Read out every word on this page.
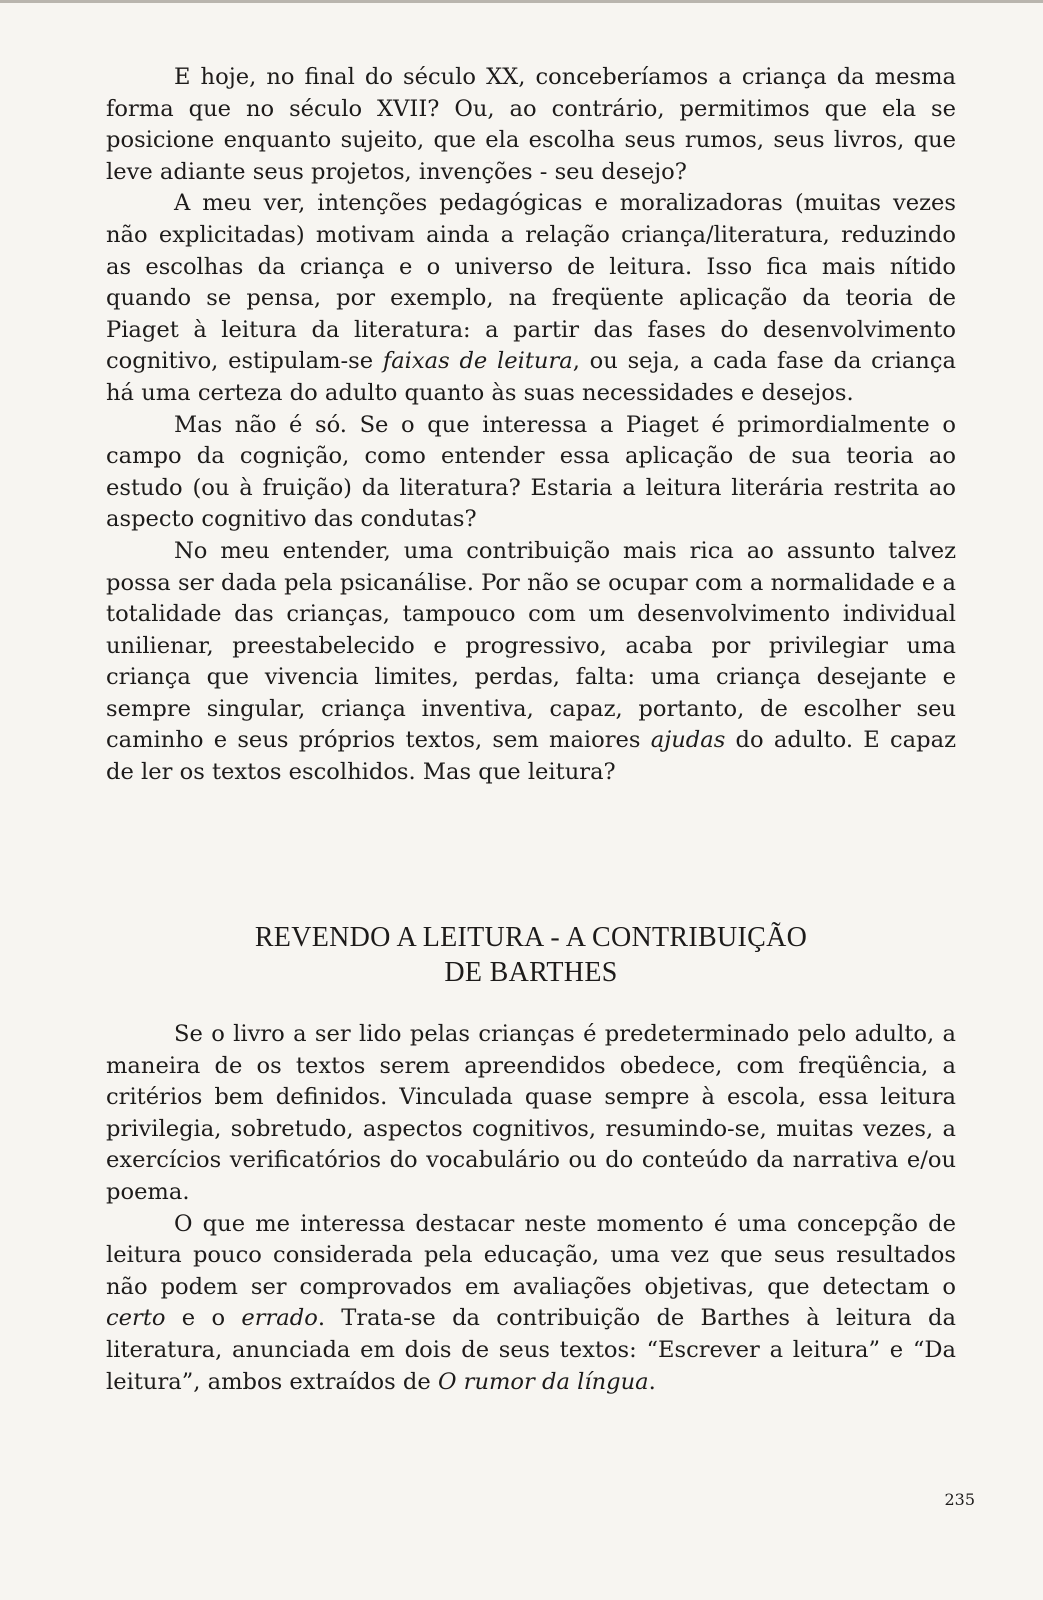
E hoje, no final do século XX, conceberíamos a criança da mesma forma que no século XVII? Ou, ao contrário, permitimos que ela se posicione enquanto sujeito, que ela escolha seus rumos, seus livros, que leve adiante seus projetos, invenções - seu desejo?

A meu ver, intenções pedagógicas e moralizadoras (muitas vezes não explicitadas) motivam ainda a relação criança/literatura, reduzindo as escolhas da criança e o universo de leitura. Isso fica mais nítido quando se pensa, por exemplo, na freqüente aplicação da teoria de Piaget à leitura da literatura: a partir das fases do desenvolvimento cognitivo, estipulam-se faixas de leitura, ou seja, a cada fase da criança há uma certeza do adulto quanto às suas necessidades e desejos.

Mas não é só. Se o que interessa a Piaget é primordialmente o campo da cognição, como entender essa aplicação de sua teoria ao estudo (ou à fruição) da literatura? Estaria a leitura literária restrita ao aspecto cognitivo das condutas?

No meu entender, uma contribuição mais rica ao assunto talvez possa ser dada pela psicanálise. Por não se ocupar com a normalidade e a totalidade das crianças, tampouco com um desenvolvimento individual unilienar, preestabelecido e progressivo, acaba por privilegiar uma criança que vivencia limites, perdas, falta: uma criança desejante e sempre singular, criança inventiva, capaz, portanto, de escolher seu caminho e seus próprios textos, sem maiores ajudas do adulto. E capaz de ler os textos escolhidos. Mas que leitura?

REVENDO A LEITURA - A CONTRIBUIÇÃO
DE BARTHES

Se o livro a ser lido pelas crianças é predeterminado pelo adulto, a maneira de os textos serem apreendidos obedece, com freqüência, a critérios bem definidos. Vinculada quase sempre à escola, essa leitura privilegia, sobretudo, aspectos cognitivos, resumindo-se, muitas vezes, a exercícios verificatórios do vocabulário ou do conteúdo da narrativa e/ou poema.

O que me interessa destacar neste momento é uma concepção de leitura pouco considerada pela educação, uma vez que seus resultados não podem ser comprovados em avaliações objetivas, que detectam o certo e o errado. Trata-se da contribuição de Barthes à leitura da literatura, anunciada em dois de seus textos: “Escrever a leitura” e “Da leitura”, ambos extraídos de O rumor da língua.

235
